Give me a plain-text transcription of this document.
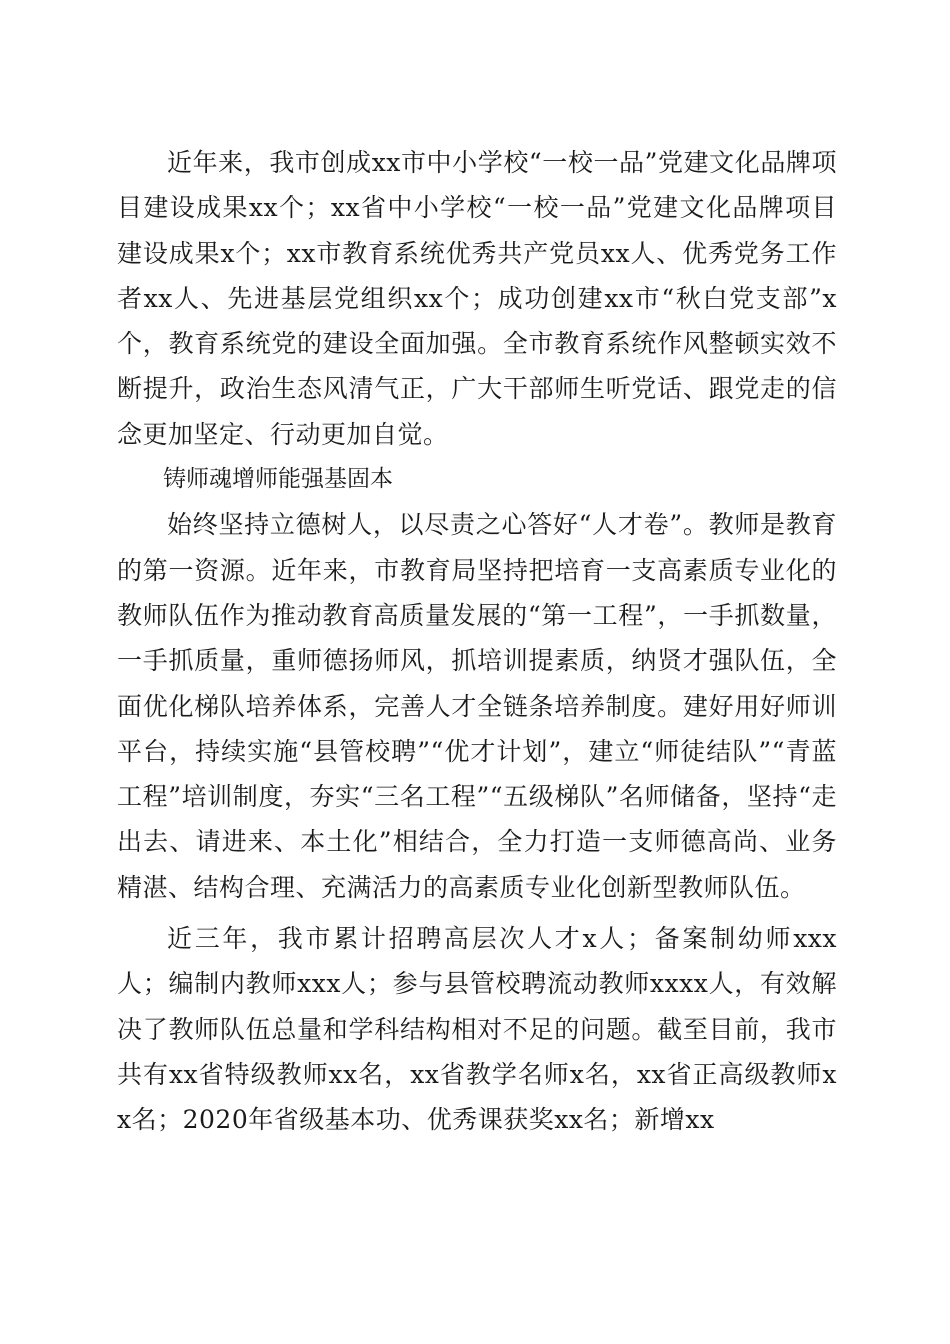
近年来，我市创成xx市中小学校“一校一品”党建文化品牌项目建设成果xx个；xx省中小学校“一校一品”党建文化品牌项目建设成果x个；xx市教育系统优秀共产党员xx人、优秀党务工作者xx人、先进基层党组织xx个；成功创建xx市“秋白党支部”x个，教育系统党的建设全面加强。全市教育系统作风整顿实效不断提升，政治生态风清气正，广大干部师生听党话、跟党走的信念更加坚定、行动更加自觉。

铸师魂增师能强基固本

始终坚持立德树人，以尽责之心答好“人才卷”。教师是教育的第一资源。近年来，市教育局坚持把培育一支高素质专业化的教师队伍作为推动教育高质量发展的“第一工程”，一手抓数量，一手抓质量，重师德扬师风，抓培训提素质，纳贤才强队伍，全面优化梯队培养体系，完善人才全链条培养制度。建好用好师训平台，持续实施“县管校聘”“优才计划”，建立“师徒结队”“青蓝工程”培训制度，夯实“三名工程”“五级梯队”名师储备，坚持“走出去、请进来、本土化”相结合，全力打造一支师德高尚、业务精湛、结构合理、充满活力的高素质专业化创新型教师队伍。

近三年，我市累计招聘高层次人才x人；备案制幼师xxx人；编制内教师xxx人；参与县管校聘流动教师xxxx人，有效解决了教师队伍总量和学科结构相对不足的问题。截至目前，我市共有xx省特级教师xx名，xx省教学名师x名，xx省正高级教师xx名；2020年省级基本功、优秀课获奖xx名；新增xx
